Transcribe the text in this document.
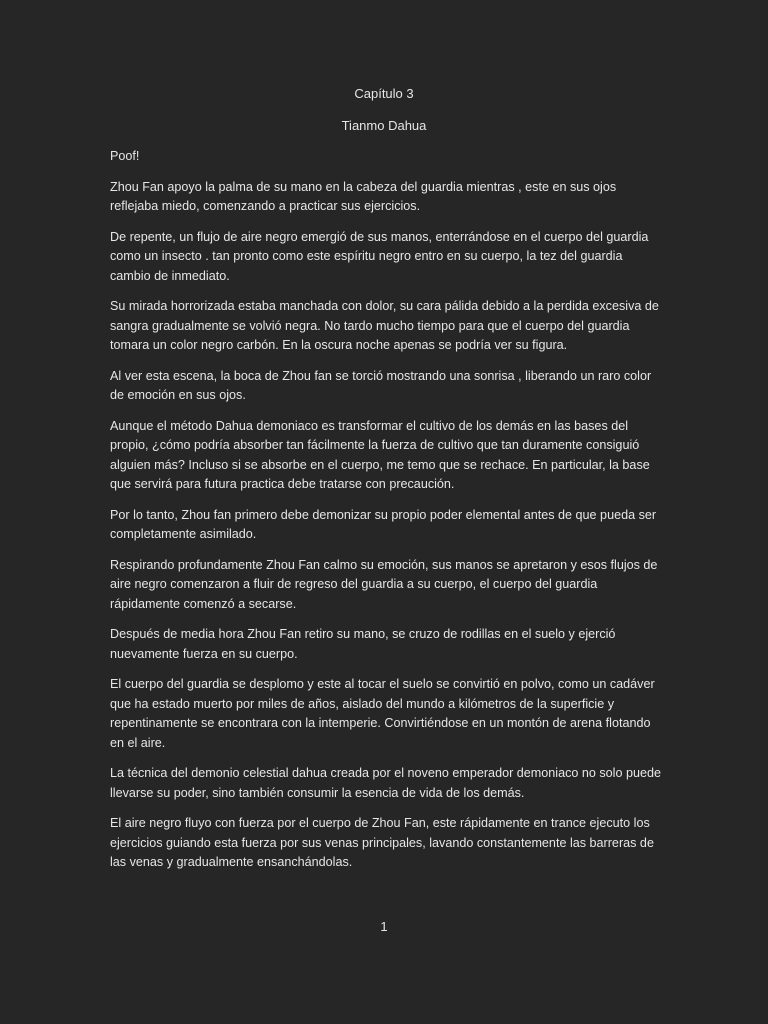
Capítulo 3
Tianmo Dahua

Poof!

Zhou Fan apoyo la palma de su mano en la cabeza del guardia mientras , este en sus ojos reflejaba miedo, comenzando a practicar sus ejercicios.

De repente, un flujo de aire negro emergió de sus manos, enterrándose en el cuerpo del guardia como un insecto . tan pronto como este espíritu negro entro en su cuerpo, la tez del guardia cambio de inmediato.

Su mirada horrorizada estaba manchada con dolor, su cara pálida debido a la perdida excesiva de sangra gradualmente se volvió negra. No tardo mucho tiempo para que el cuerpo del guardia tomara un color negro carbón. En la oscura noche apenas se podría ver su figura.

Al ver esta escena, la boca de Zhou fan se torció mostrando una sonrisa , liberando un raro color de emoción en sus ojos.

Aunque el método Dahua demoniaco es transformar el cultivo de los demás en las bases del propio, ¿cómo podría absorber tan fácilmente la fuerza de cultivo que tan duramente consiguió alguien más? Incluso si se absorbe en el cuerpo, me temo que se rechace. En particular, la base que servirá para futura practica debe tratarse con precaución.

Por lo tanto, Zhou fan primero debe demonizar su propio poder elemental antes de que pueda ser completamente asimilado.

Respirando profundamente Zhou Fan calmo su emoción, sus manos se apretaron y esos flujos de aire negro comenzaron a fluir de regreso del guardia a su cuerpo, el cuerpo del guardia rápidamente comenzó a secarse.

Después de media hora Zhou Fan retiro su mano, se cruzo de rodillas en el suelo y ejerció nuevamente fuerza en su cuerpo.

El cuerpo del guardia se desplomo y este al tocar el suelo se convirtió en polvo, como un cadáver que ha estado muerto por miles de años, aislado del mundo a kilómetros de la superficie y repentinamente se encontrara con la intemperie. Convirtiéndose en un montón de arena flotando en el aire.

La técnica del demonio celestial dahua creada por el noveno emperador demoniaco no solo puede llevarse su poder, sino también consumir la esencia de vida de los demás.

El aire negro fluyo con fuerza por el cuerpo de Zhou Fan, este rápidamente en trance ejecuto los ejercicios guiando esta fuerza por sus venas principales, lavando constantemente las barreras de las venas y gradualmente ensanchándolas.

1
